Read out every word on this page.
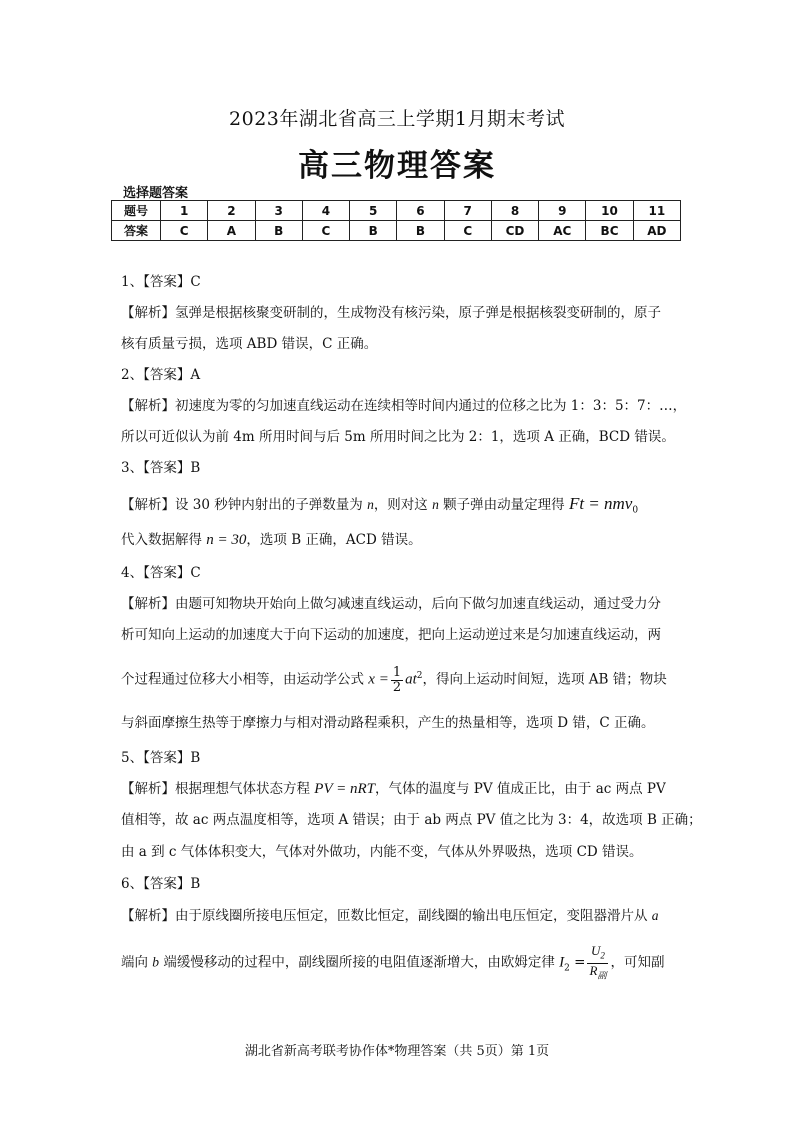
2023年湖北省高三上学期1月期末考试
高三物理答案
选择题答案
题号	1	2	3	4	5	6	7	8	9	10	11
答案	C	A	B	C	B	B	C	CD	AC	BC	AD
1、【答案】C
【解析】氢弹是根据核聚变研制的，生成物没有核污染，原子弹是根据核裂变研制的，原子
核有质量亏损，选项 ABD 错误，C 正确。
2、【答案】A
【解析】初速度为零的匀加速直线运动在连续相等时间内通过的位移之比为 1：3：5：7：…，
所以可近似认为前 4m 所用时间与后 5m 所用时间之比为 2：1，选项 A 正确，BCD 错误。
3、【答案】B
【解析】设 30 秒钟内射出的子弹数量为 n，则对这 n 颗子弹由动量定理得 Ft = nmv$_0$
代入数据解得 n = 30，选项 B 正确，ACD 错误。
4、【答案】C
【解析】由题可知物块开始向上做匀减速直线运动，后向下做匀加速直线运动，通过受力分
析可知向上运动的加速度大于向下运动的加速度，把向上运动逆过来是匀加速直线运动，两
个过程通过位移大小相等，由运动学公式 $x = \frac{1}{2} at^2$，得向上运动时间短，选项 AB 错；物块
与斜面摩擦生热等于摩擦力与相对滑动路程乘积，产生的热量相等，选项 D 错，C 正确。
5、【答案】B
【解析】根据理想气体状态方程 PV = nRT，气体的温度与 PV 值成正比，由于 ac 两点 PV
值相等，故 ac 两点温度相等，选项 A 错误；由于 ab 两点 PV 值之比为 3：4，故选项 B 正确；
由 a 到 c 气体体积变大，气体对外做功，内能不变，气体从外界吸热，选项 CD 错误。
6、【答案】B
【解析】由于原线圈所接电压恒定，匝数比恒定，副线圈的输出电压恒定，变阻器滑片从 a
端向 b 端缓慢移动的过程中，副线圈所接的电阻值逐渐增大，由欧姆定律 $I_2 = \frac{U_2}{R_副}$ ，可知副
湖北省新高考联考协作体*物理答案（共 5页）第 1页
